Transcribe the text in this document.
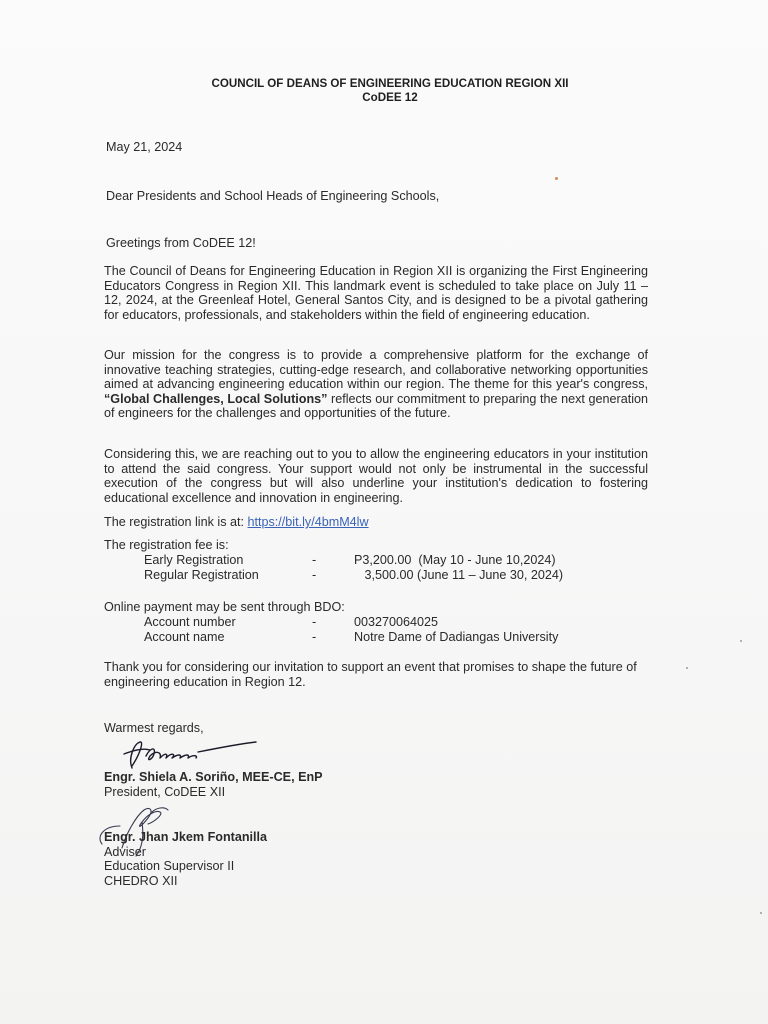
COUNCIL OF DEANS OF ENGINEERING EDUCATION REGION XII
CoDEE 12
May 21, 2024
Dear Presidents and School Heads of Engineering Schools,
Greetings from CoDEE 12!
The Council of Deans for Engineering Education in Region XII is organizing the First Engineering Educators Congress in Region XII. This landmark event is scheduled to take place on July 11 – 12, 2024, at the Greenleaf Hotel, General Santos City, and is designed to be a pivotal gathering for educators, professionals, and stakeholders within the field of engineering education.
Our mission for the congress is to provide a comprehensive platform for the exchange of innovative teaching strategies, cutting-edge research, and collaborative networking opportunities aimed at advancing engineering education within our region. The theme for this year's congress, “Global Challenges, Local Solutions” reflects our commitment to preparing the next generation of engineers for the challenges and opportunities of the future.
Considering this, we are reaching out to you to allow the engineering educators in your institution to attend the said congress. Your support would not only be instrumental in the successful execution of the congress but will also underline your institution's dedication to fostering educational excellence and innovation in engineering.
The registration link is at: https://bit.ly/4bmM4lw
The registration fee is:
Early Registration	-	P3,200.00  (May 10 - June 10,2024)
Regular Registration	-	3,500.00 (June 11 – June 30, 2024)
Online payment may be sent through BDO:
Account number	-	003270064025
Account name	-	Notre Dame of Dadiangas University
Thank you for considering our invitation to support an event that promises to shape the future of engineering education in Region 12.
Warmest regards,
Engr. Shiela A. Soriño, MEE-CE, EnP
President, CoDEE XII
Engr. Jhan Jkem Fontanilla
Adviser
Education Supervisor II
CHEDRO XII
